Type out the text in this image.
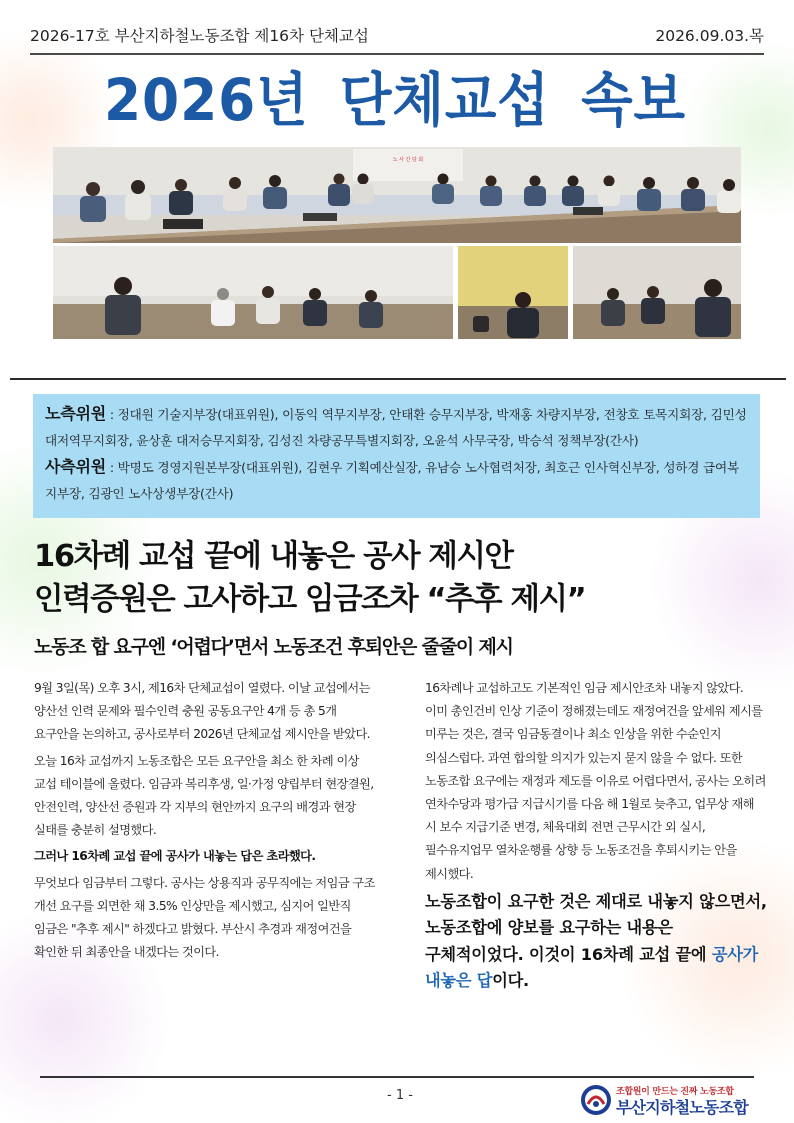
2026-17호 부산지하철노동조합 제16차 단체교섭	2026.09.03.목
2026년 단체교섭 속보
노 사 간 담 회
노측위원 : 정대원 기술지부장(대표위원), 이동익 역무지부장, 안태환 승무지부장, 박재홍 차량지부장, 전창호 토목지회장, 김민성 대저역무지회장, 윤상훈 대저승무지회장, 김성진 차량공무특별지회장, 오윤석 사무국장, 박승석 정책부장(간사)
사측위원 : 박명도 경영지원본부장(대표위원), 김현우 기획예산실장, 유남승 노사협력처장, 최호근 인사혁신부장, 성하경 급여복지부장, 김광인 노사상생부장(간사)
16차례 교섭 끝에 내놓은 공사 제시안
인력증원은 고사하고 임금조차 “추후 제시”
노동조 합 요구엔 ‘어렵다’면서 노동조건 후퇴안은 줄줄이 제시

9월 3일(목) 오후 3시, 제16차 단체교섭이 열렸다. 이날 교섭에서는 양산선 인력 문제와 필수인력 충원 공동요구안 4개 등 총 5개 요구안을 논의하고, 공사로부터 2026년 단체교섭 제시안을 받았다.

오늘 16차 교섭까지 노동조합은 모든 요구안을 최소 한 차례 이상 교섭 테이블에 올렸다. 임금과 복리후생, 일·가정 양립부터 현장결원, 안전인력, 양산선 증원과 각 지부의 현안까지 요구의 배경과 현장 실태를 충분히 설명했다.

그러나 16차례 교섭 끝에 공사가 내놓는 답은 초라했다.

무엇보다 임금부터 그렇다. 공사는 상용직과 공무직에는 저임금 구조 개선 요구를 외면한 채 3.5% 인상만을 제시했고, 심지어 일반직 임금은 "추후 제시" 하겠다고 밝혔다. 부산시 추경과 재정여건을 확인한 뒤 최종안을 내겠다는 것이다.

16차례나 교섭하고도 기본적인 임금 제시안조차 내놓지 않았다. 이미 총인건비 인상 기준이 정해졌는데도 재정여건을 앞세워 제시를 미루는 것은, 결국 임금동결이나 최소 인상을 위한 수순인지 의심스럽다. 과연 합의할 의지가 있는지 묻지 않을 수 없다. 또한 노동조합 요구에는 재정과 제도를 이유로 어렵다면서, 공사는 오히려 연차수당과 평가급 지급시기를 다음 해 1월로 늦추고, 업무상 재해 시 보수 지급기준 변경, 체육대회 전면 근무시간 외 실시, 필수유지업무 열차운행률 상향 등 노동조건을 후퇴시키는 안을 제시했다.

노동조합이 요구한 것은 제대로 내놓지 않으면서, 노동조합에 양보를 요구하는 내용은 구체적이었다. 이것이 16차례 교섭 끝에 공사가 내놓은 답이다.

- 1 -	조합원이 만드는 진짜 노동조합
부산지하철노동조합
